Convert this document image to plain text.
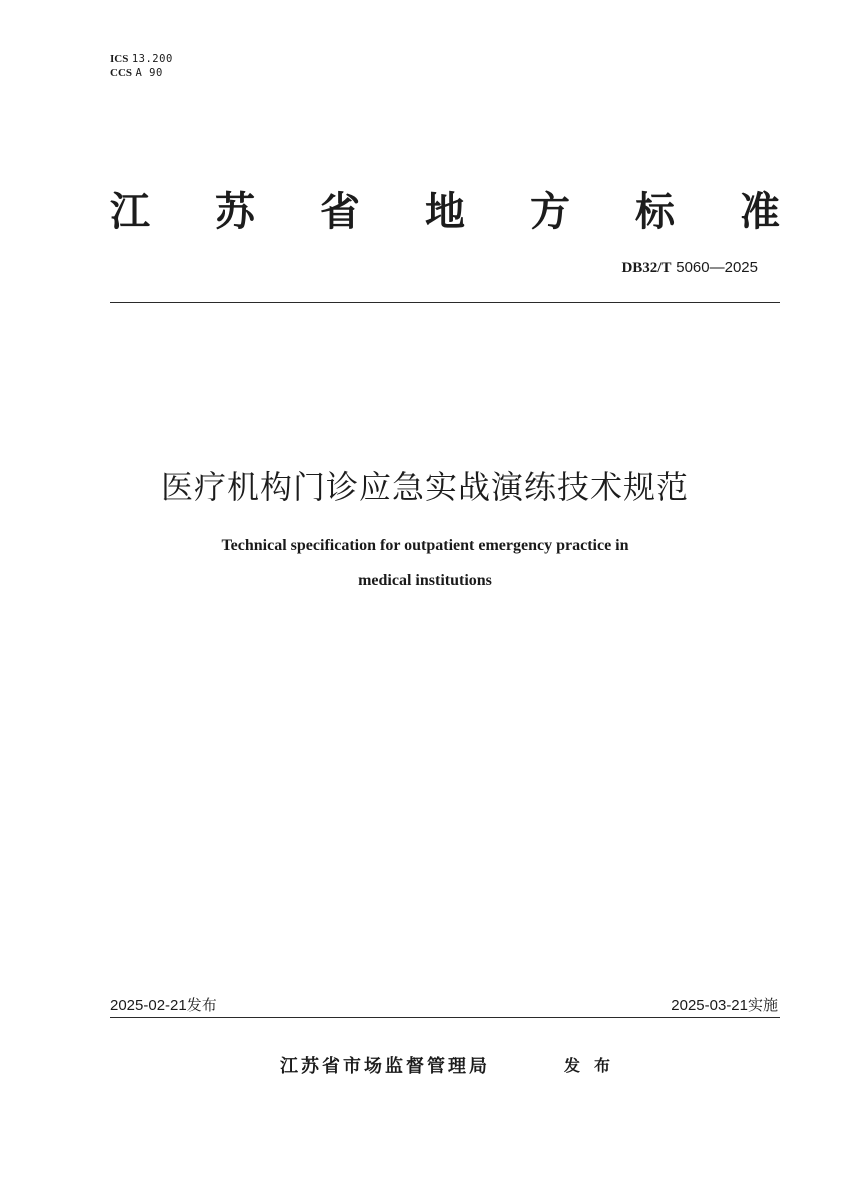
ICS 13.200
CCS A 90
江 苏 省 地 方 标 准
DB32/T 5060—2025
医疗机构门诊应急实战演练技术规范
Technical specification for outpatient emergency practice in
medical institutions
2025-02-21发布	2025-03-21实施
江苏省市场监督管理局	发布
